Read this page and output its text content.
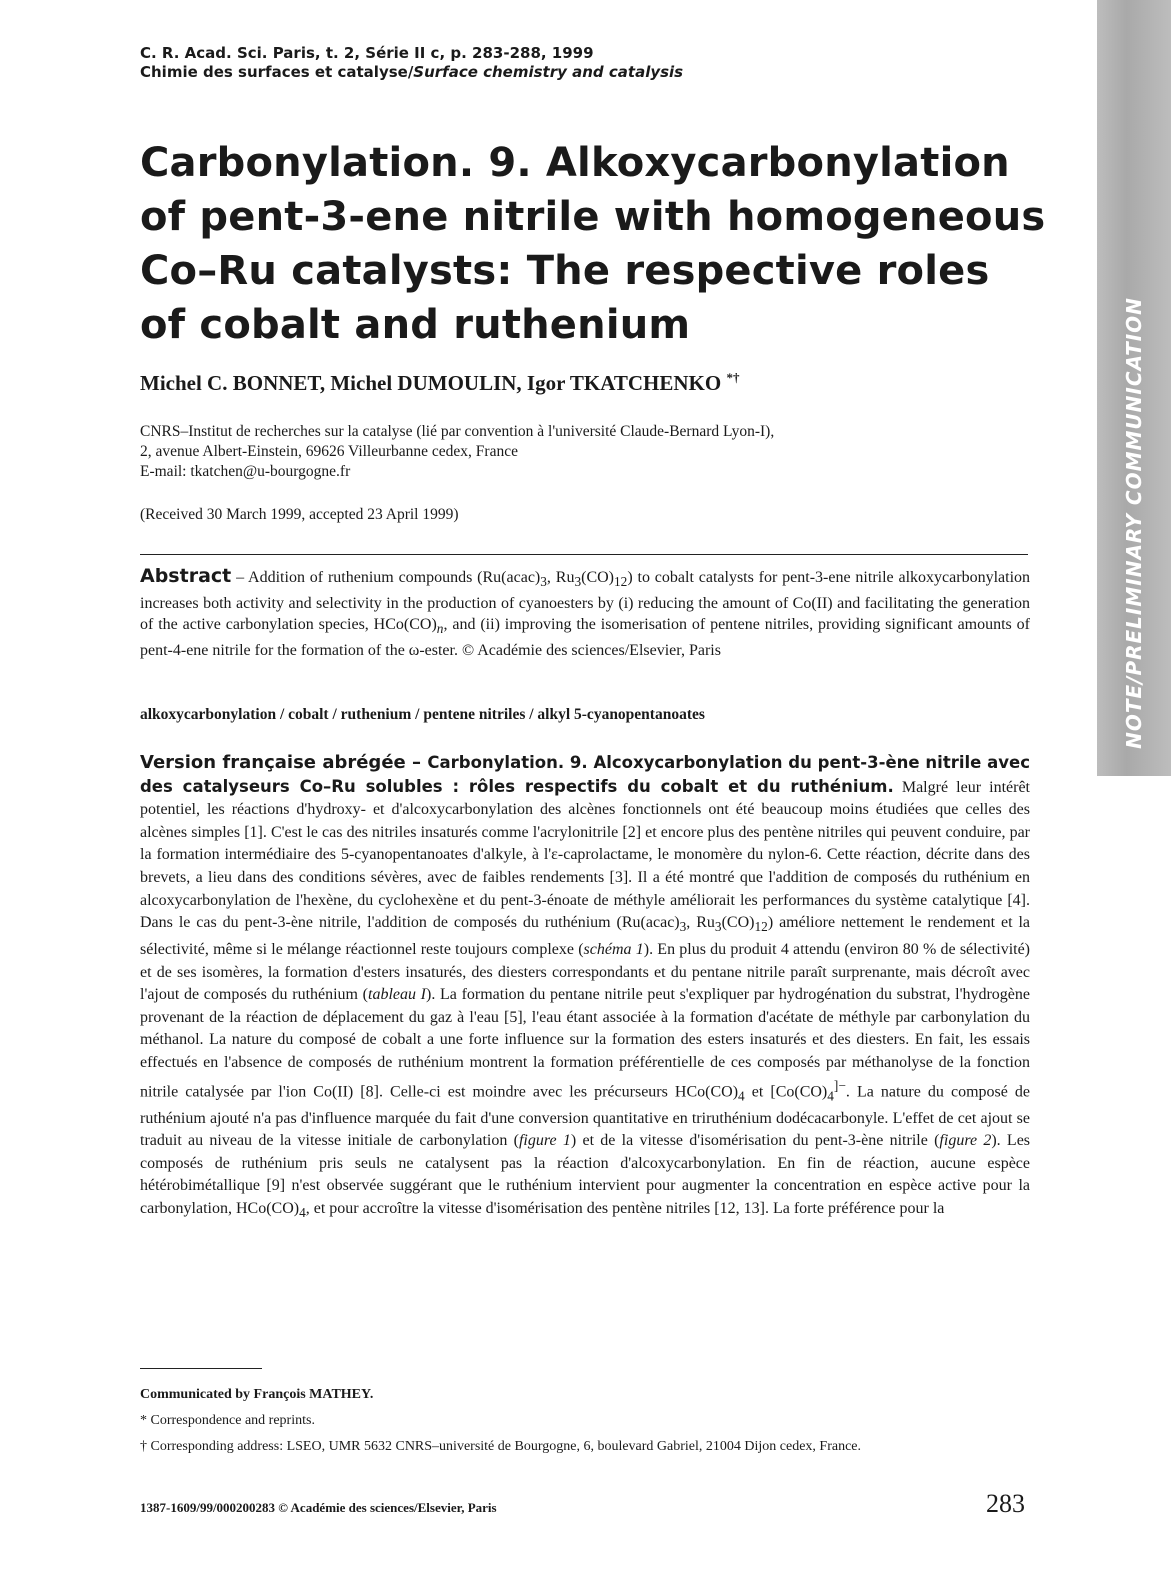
NOTE/PRELIMINARY COMMUNICATION
C. R. Acad. Sci. Paris, t. 2, Série II c, p. 283-288, 1999
Chimie des surfaces et catalyse/Surface chemistry and catalysis
Carbonylation. 9. Alkoxycarbonylation
of pent-3-ene nitrile with homogeneous
Co–Ru catalysts: The respective roles
of cobalt and ruthenium
Michel C. BONNET, Michel DUMOULIN, Igor TKATCHENKO *†
CNRS–Institut de recherches sur la catalyse (lié par convention à l'université Claude-Bernard Lyon-I),
2, avenue Albert-Einstein, 69626 Villeurbanne cedex, France
E-mail: tkatchen@u-bourgogne.fr
(Received 30 March 1999, accepted 23 April 1999)
Abstract – Addition of ruthenium compounds ($Ru(acac)_3$, $Ru_3(CO)_{12}$) to cobalt catalysts for pent-3-ene nitrile alkoxycarbonylation increases both activity and selectivity in the production of cyanoesters by (i) reducing the amount of Co(II) and facilitating the generation of the active carbonylation species, $HCo(CO)_n$, and (ii) improving the isomerisation of pentene nitriles, providing significant amounts of pent-4-ene nitrile for the formation of the ω-ester. © Académie des sciences/Elsevier, Paris
alkoxycarbonylation / cobalt / ruthenium / pentene nitriles / alkyl 5-cyanopentanoates
Version française abrégée – Carbonylation. 9. Alcoxycarbonylation du pent-3-ène nitrile avec des catalyseurs Co–Ru solubles : rôles respectifs du cobalt et du ruthénium. Malgré leur intérêt potentiel, les réactions d'hydroxy- et d'alcoxycarbonylation des alcènes fonctionnels ont été beaucoup moins étudiées que celles des alcènes simples [1]. C'est le cas des nitriles insaturés comme l'acrylonitrile [2] et encore plus des pentène nitriles qui peuvent conduire, par la formation intermédiaire des 5-cyanopentanoates d'alkyle, à l'ε-caprolactame, le monomère du nylon-6. Cette réaction, décrite dans des brevets, a lieu dans des conditions sévères, avec de faibles rendements [3]. Il a été montré que l'addition de composés du ruthénium en alcoxycarbonylation de l'hexène, du cyclohexène et du pent-3-énoate de méthyle améliorait les performances du système catalytique [4]. Dans le cas du pent-3-ène nitrile, l'addition de composés du ruthénium ($Ru(acac)_3$, $Ru_3(CO)_{12}$) améliore nettement le rendement et la sélectivité, même si le mélange réactionnel reste toujours complexe (schéma 1). En plus du produit 4 attendu (environ 80 % de sélectivité) et de ses isomères, la formation d'esters insaturés, des diesters correspondants et du pentane nitrile paraît surprenante, mais décroît avec l'ajout de composés du ruthénium (tableau I). La formation du pentane nitrile peut s'expliquer par hydrogénation du substrat, l'hydrogène provenant de la réaction de déplacement du gaz à l'eau [5], l'eau étant associée à la formation d'acétate de méthyle par carbonylation du méthanol. La nature du composé de cobalt a une forte influence sur la formation des esters insaturés et des diesters. En fait, les essais effectués en l'absence de composés de ruthénium montrent la formation préférentielle de ces composés par méthanolyse de la fonction nitrile catalysée par l'ion Co(II) [8]. Celle-ci est moindre avec les précurseurs $HCo(CO)_4$ et [$Co(CO)_4^{]-}$. La nature du composé de ruthénium ajouté n'a pas d'influence marquée du fait d'une conversion quantitative en triruthénium dodécacarbonyle. L'effet de cet ajout se traduit au niveau de la vitesse initiale de carbonylation (figure 1) et de la vitesse d'isomérisation du pent-3-ène nitrile (figure 2). Les composés de ruthénium pris seuls ne catalysent pas la réaction d'alcoxycarbonylation. En fin de réaction, aucune espèce hétérobimétallique [9] n'est observée suggérant que le ruthénium intervient pour augmenter la concentration en espèce active pour la carbonylation, $HCo(CO)_4$, et pour accroître la vitesse d'isomérisation des pentène nitriles [12, 13]. La forte préférence pour la
Communicated by François MATHEY.
* Correspondence and reprints.
† Corresponding address: LSEO, UMR 5632 CNRS–université de Bourgogne, 6, boulevard Gabriel, 21004 Dijon cedex, France.
1387-1609/99/000200283 © Académie des sciences/Elsevier, Paris	283
